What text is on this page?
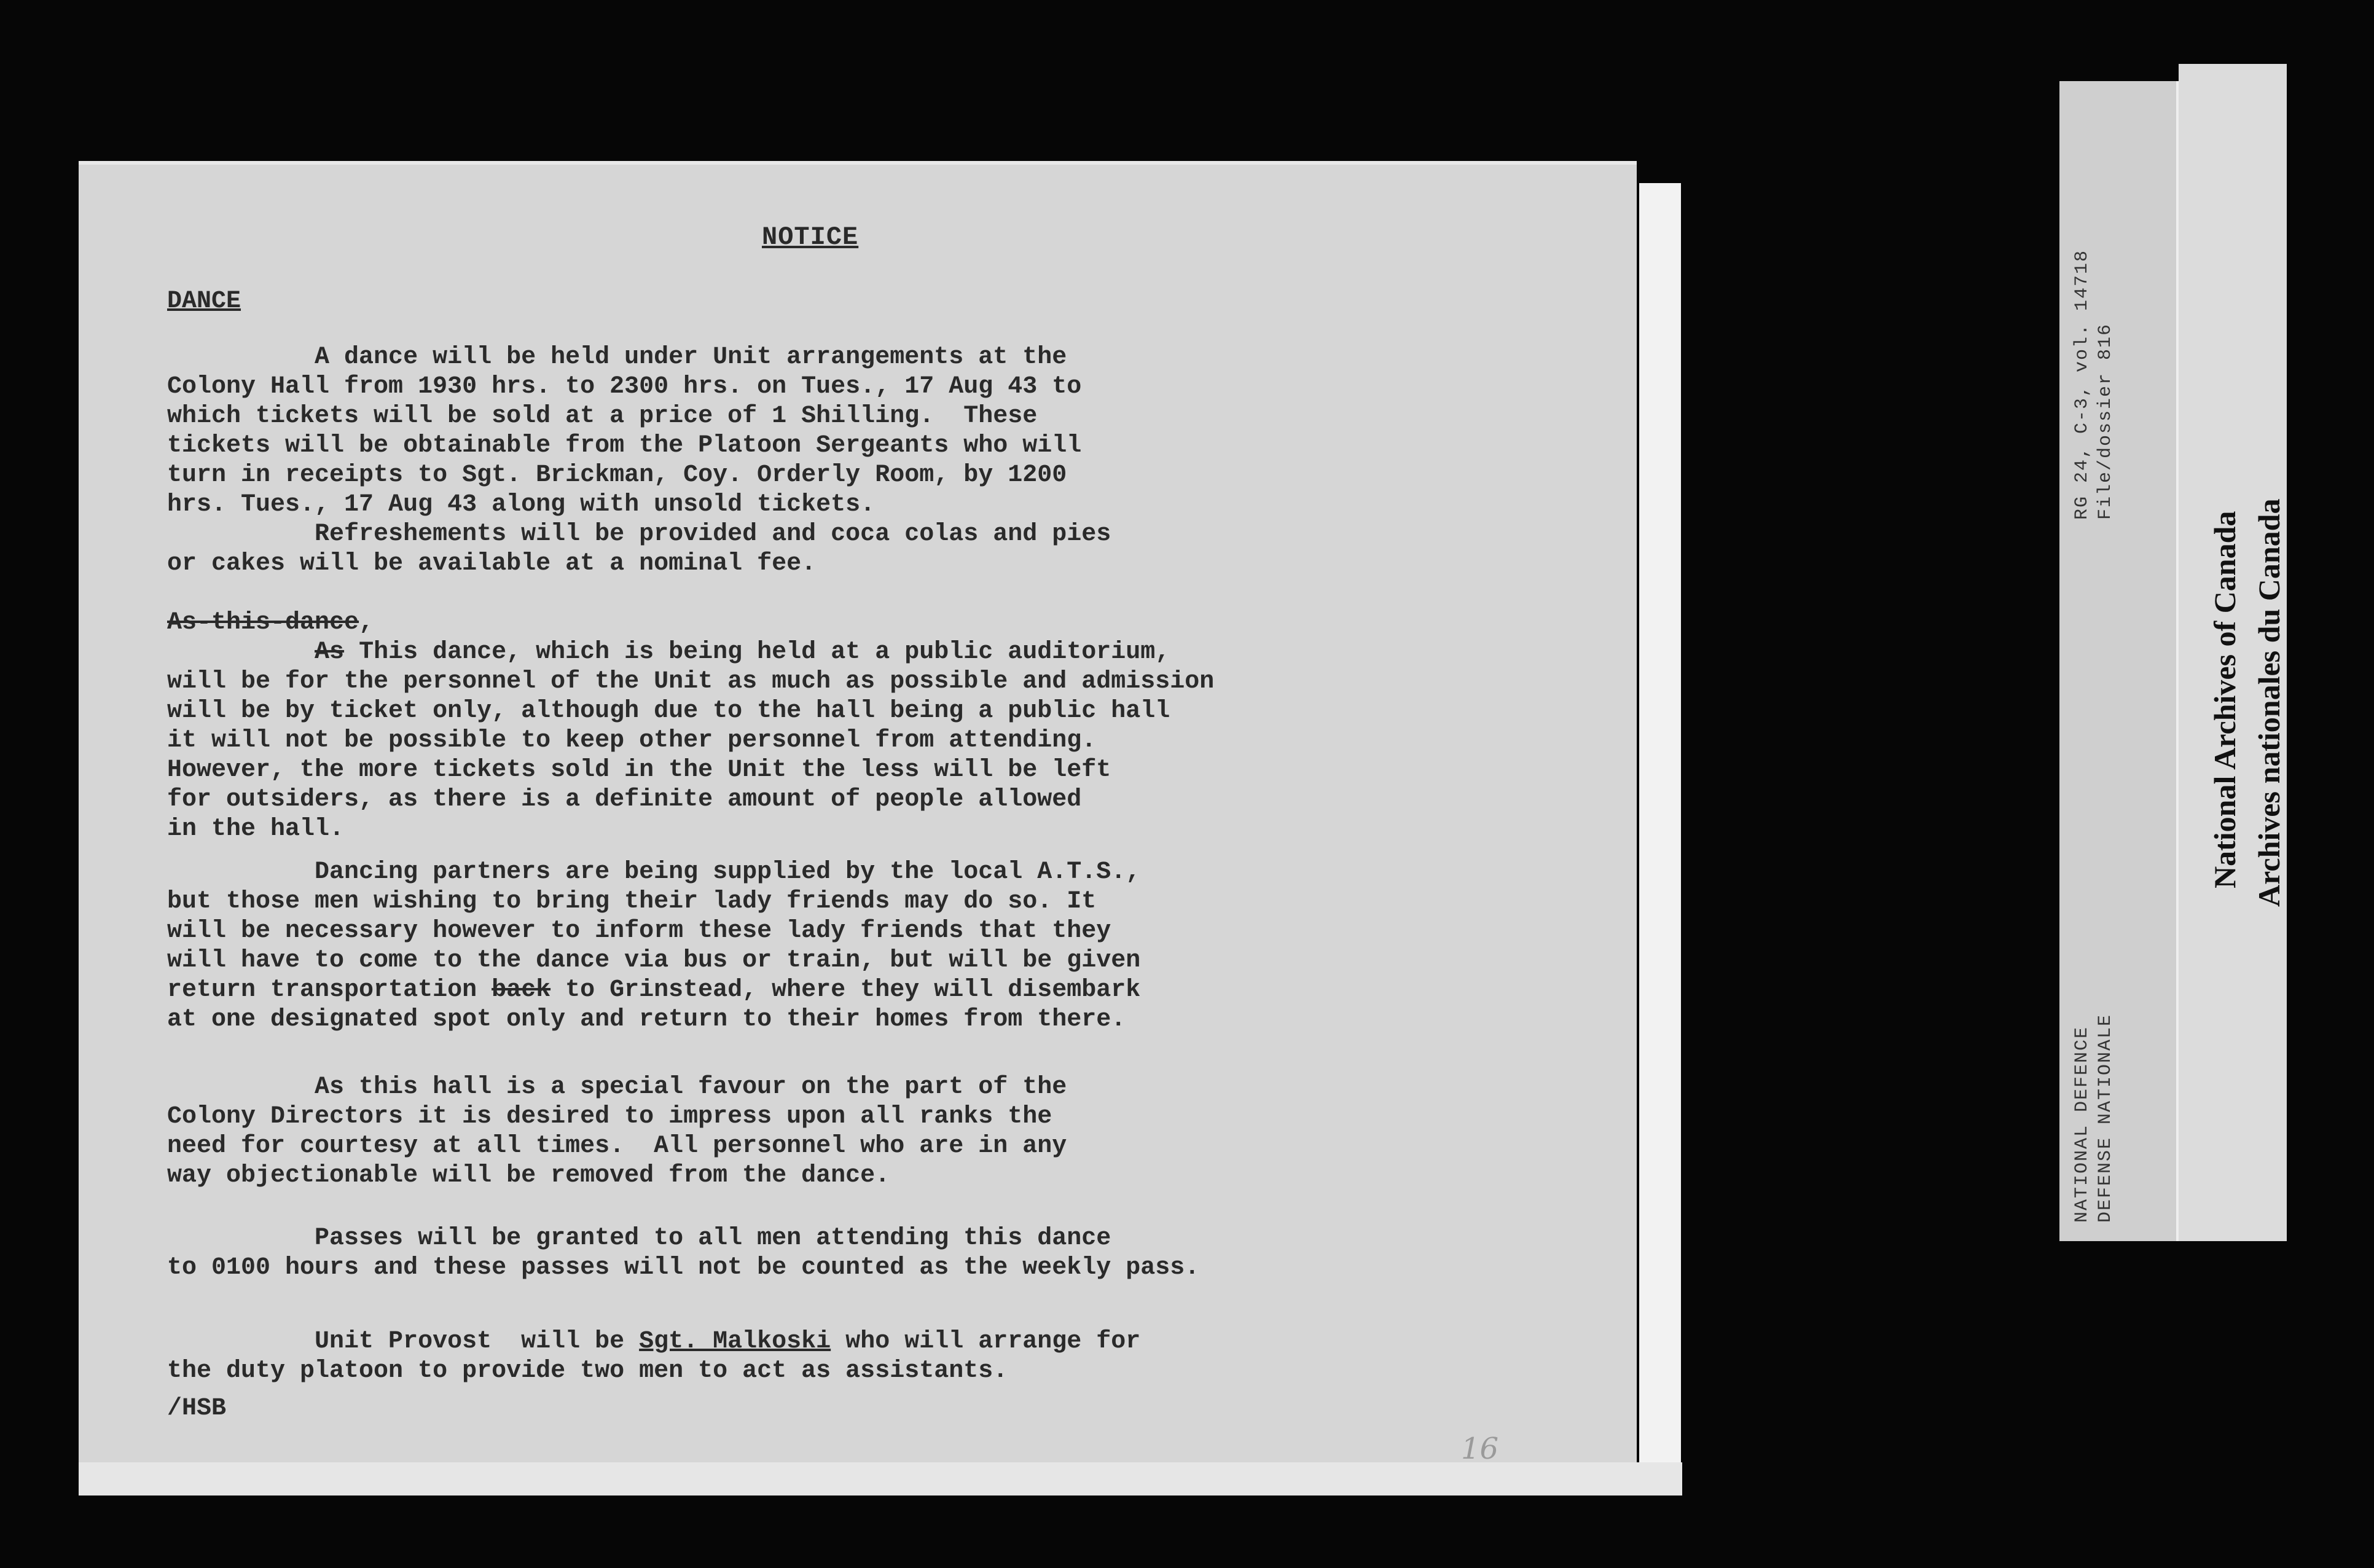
NOTICE
DANCE
A dance will be held under Unit arrangements at the
Colony Hall from 1930 hrs. to 2300 hrs. on Tues., 17 Aug 43 to
which tickets will be sold at a price of 1 Shilling.  These
tickets will be obtainable from the Platoon Sergeants who will
turn in receipts to Sgt. Brickman, Coy. Orderly Room, by 1200
hrs. Tues., 17 Aug 43 along with unsold tickets.
Refreshements will be provided and coca colas and pies
or cakes will be available at a nominal fee.
As-this-dance,
As This dance, which is being held at a public auditorium,
will be for the personnel of the Unit as much as possible and admission
will be by ticket only, although due to the hall being a public hall
it will not be possible to keep other personnel from attending.
However, the more tickets sold in the Unit the less will be left
for outsiders, as there is a definite amount of people allowed
in the hall.
Dancing partners are being supplied by the local A.T.S.,
but those men wishing to bring their lady friends may do so. It
will be necessary however to inform these lady friends that they
will have to come to the dance via bus or train, but will be given
return transportation back to Grinstead, where they will disembark
at one designated spot only and return to their homes from there.
As this hall is a special favour on the part of the
Colony Directors it is desired to impress upon all ranks the
need for courtesy at all times.  All personnel who are in any
way objectionable will be removed from the dance.
Passes will be granted to all men attending this dance
to 0100 hours and these passes will not be counted as the weekly pass.
Unit Provost  will be Sgt. Malkoski who will arrange for
the duty platoon to provide two men to act as assistants.
/HSB
16
RG 24, C-3, vol. 14718 File/dossier 816
NATIONAL DEFENCE DEFENSE NATIONALE
National Archives of Canada Archives nationales du Canada
